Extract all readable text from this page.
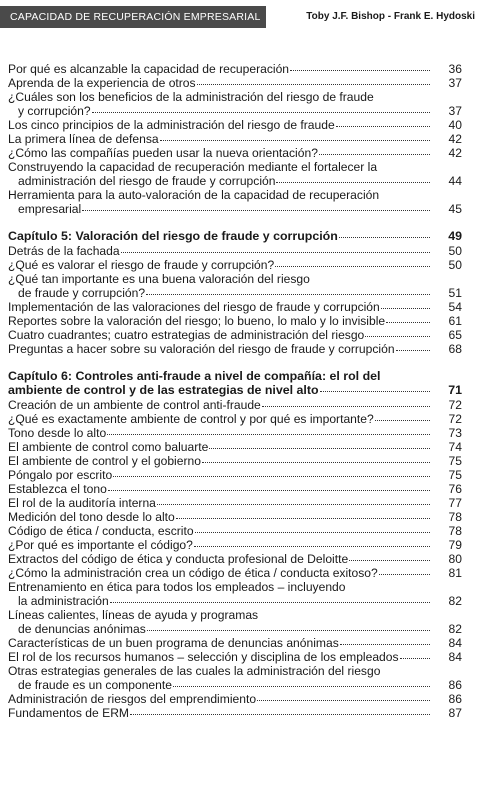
CAPACIDAD DE RECUPERACIÓN EMPRESARIAL	Toby J.F. Bishop - Frank E. Hydoski
Por qué es alcanzable la capacidad de recuperación	36
Aprenda de la experiencia de otros	37
¿Cuáles son los beneficios de la administración del riesgo de fraude
y corrupción?	37
Los cinco principios de la administración del riesgo de fraude	40
La primera línea de defensa	42
¿Cómo las compañías pueden usar la nueva orientación?	42
Construyendo la capacidad de recuperación mediante el fortalecer la
administración del riesgo de fraude y corrupción	44
Herramienta para la auto-valoración de la capacidad de recuperación
empresarial	45
Capítulo 5: Valoración del riesgo de fraude y corrupción	49
Detrás de la fachada	50
¿Qué es valorar el riesgo de fraude y corrupción?	50
¿Qué tan importante es una buena valoración del riesgo
de fraude y corrupción?	51
Implementación de las valoraciones del riesgo de fraude y corrupción	54
Reportes sobre la valoración del riesgo; lo bueno, lo malo y lo invisible	61
Cuatro cuadrantes; cuatro estrategias de administración del riesgo	65
Preguntas a hacer sobre su valoración del riesgo de fraude y corrupción	68
Capítulo 6: Controles anti-fraude a nivel de compañía: el rol del
ambiente de control y de las estrategias de nivel alto	71
Creación de un ambiente de control anti-fraude	72
¿Qué es exactamente ambiente de control y por qué es importante?	72
Tono desde lo alto	73
El ambiente de control como baluarte	74
El ambiente de control y el gobierno	75
Póngalo por escrito	75
Establezca el tono	76
El rol de la auditoría interna	77
Medición del tono desde lo alto	78
Código de ética / conducta, escrito	78
¿Por qué es importante el código?	79
Extractos del código de ética y conducta profesional de Deloitte	80
¿Cómo la administración crea un código de ética / conducta exitoso?	81
Entrenamiento en ética para todos los empleados – incluyendo
la administración	82
Líneas calientes, líneas de ayuda y programas
de denuncias anónimas	82
Características de un buen programa de denuncias anónimas	84
El rol de los recursos humanos – selección y disciplina de los empleados	84
Otras estrategias generales de las cuales la administración del riesgo
de fraude es un componente	86
Administración de riesgos del emprendimiento	86
Fundamentos de ERM	87
